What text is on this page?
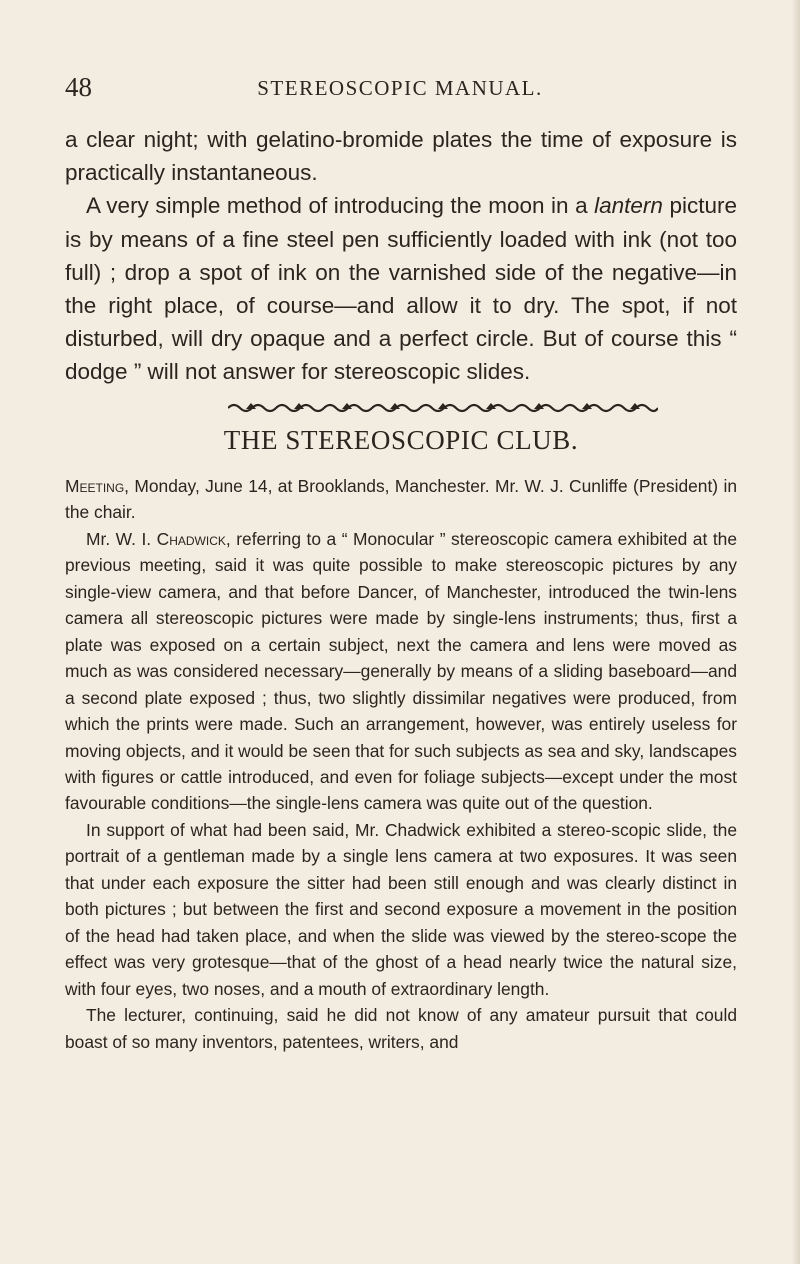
48	STEREOSCOPIC MANUAL.

a clear night; with gelatino-bromide plates the time of exposure is practically instantaneous.

A very simple method of introducing the moon in a lantern picture is by means of a fine steel pen sufficiently loaded with ink (not too full) ; drop a spot of ink on the varnished side of the negative—in the right place, of course—and allow it to dry. The spot, if not disturbed, will dry opaque and a perfect circle. But of course this “ dodge ” will not answer for stereoscopic slides.

THE STEREOSCOPIC CLUB.

Meeting, Monday, June 14, at Brooklands, Manchester. Mr. W. J. Cunliffe (President) in the chair.

Mr. W. I. Chadwick, referring to a “ Monocular ” stereoscopic camera exhibited at the previous meeting, said it was quite possible to make stereoscopic pictures by any single-view camera, and that before Dancer, of Manchester, introduced the twin-lens camera all stereoscopic pictures were made by single-lens instruments; thus, first a plate was exposed on a certain subject, next the camera and lens were moved as much as was considered necessary—generally by means of a sliding baseboard—and a second plate exposed ; thus, two slightly dissimilar negatives were produced, from which the prints were made. Such an arrangement, however, was entirely useless for moving objects, and it would be seen that for such subjects as sea and sky, landscapes with figures or cattle introduced, and even for foliage subjects—except under the most favourable conditions—the single-lens camera was quite out of the question.

In support of what had been said, Mr. Chadwick exhibited a stereo-scopic slide, the portrait of a gentleman made by a single lens camera at two exposures. It was seen that under each exposure the sitter had been still enough and was clearly distinct in both pictures ; but between the first and second exposure a movement in the position of the head had taken place, and when the slide was viewed by the stereo-scope the effect was very grotesque—that of the ghost of a head nearly twice the natural size, with four eyes, two noses, and a mouth of extraordinary length.

The lecturer, continuing, said he did not know of any amateur pursuit that could boast of so many inventors, patentees, writers, and
